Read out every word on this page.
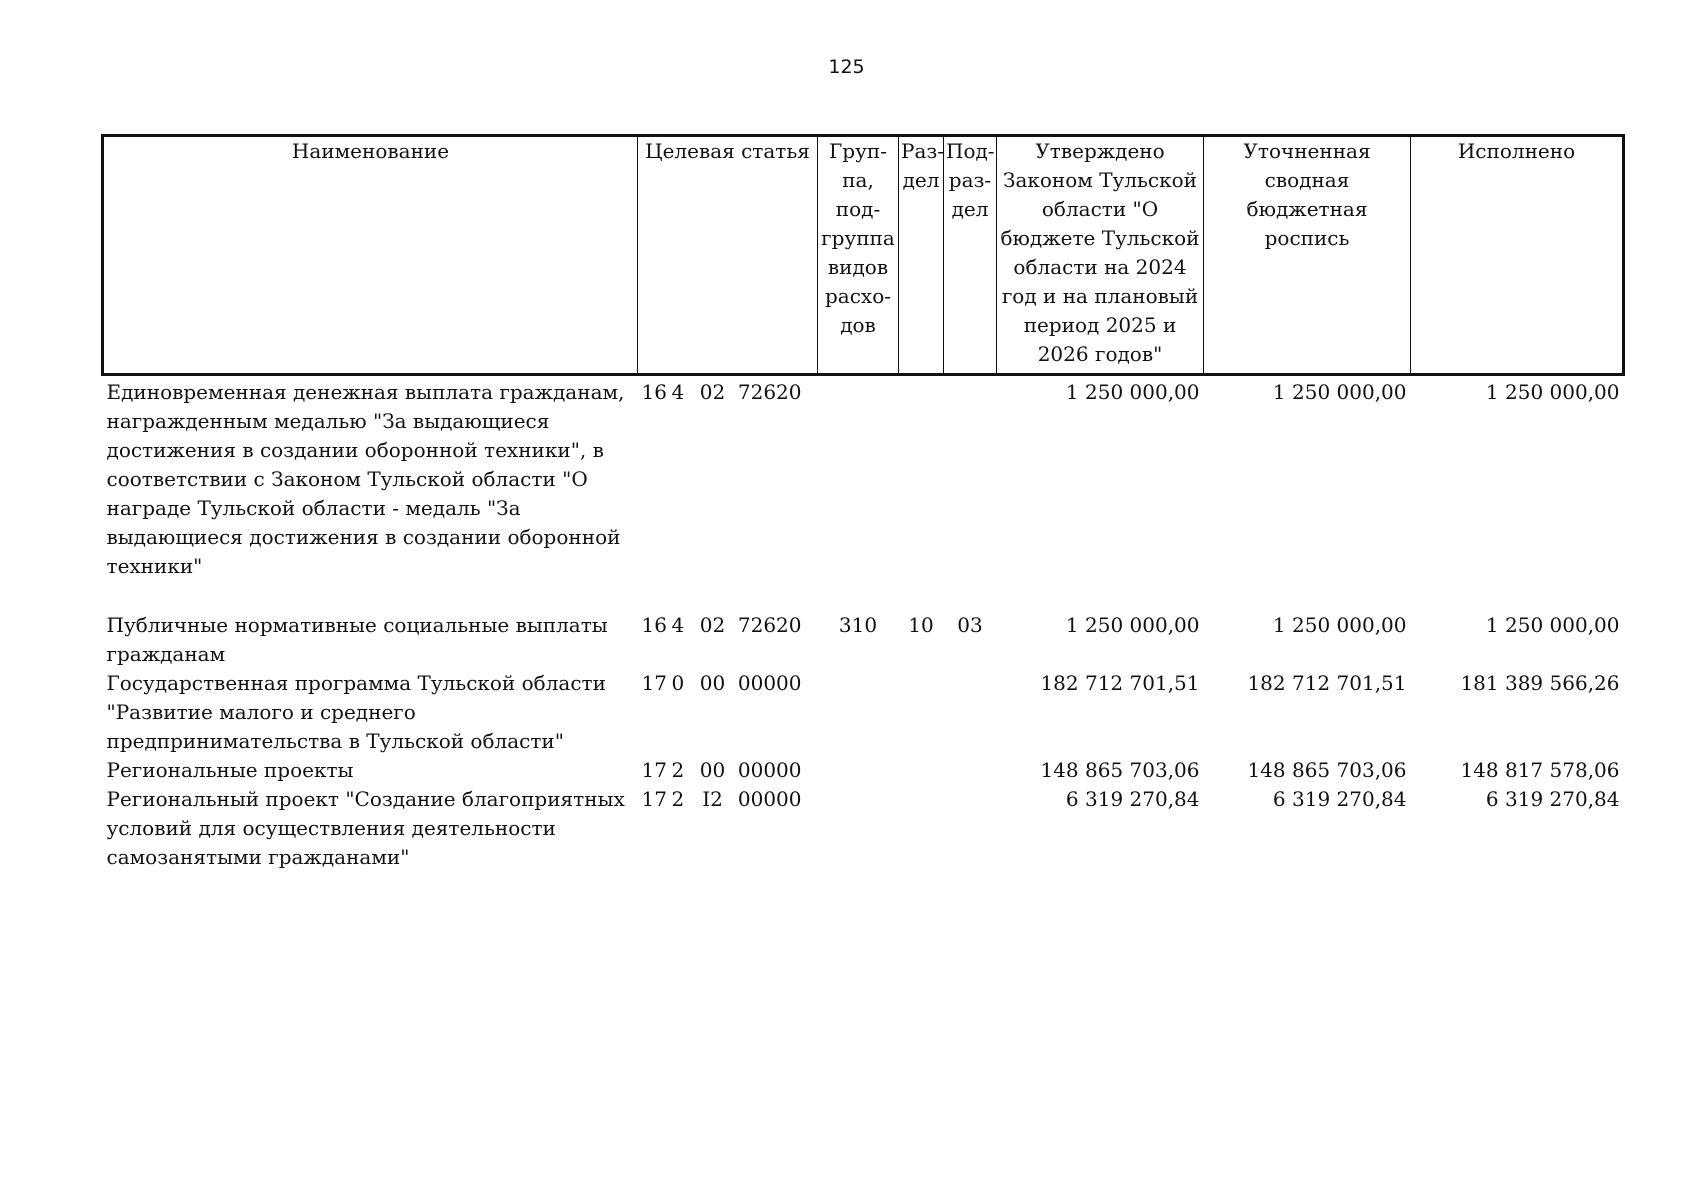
125
Наименование	Целевая статья	Груп-па, под-группа видов расхо-дов	Раз-дел	Под-раз-дел	Утверждено Законом Тульской области "О бюджете Тульской области на 2024 год и на плановый период 2025 и 2026 годов"	Уточненная сводная бюджетная роспись	Исполнено
Единовременная денежная выплата гражданам, награжденным медалью "За выдающиеся достижения в создании оборонной техники", в соответствии с Законом Тульской области "О награде Тульской области - медаль "За выдающиеся достижения в создании оборонной техники"	16 4 02 72620				1 250 000,00	1 250 000,00	1 250 000,00
Публичные нормативные социальные выплаты гражданам	16 4 02 72620	310	10	03	1 250 000,00	1 250 000,00	1 250 000,00
Государственная программа Тульской области "Развитие малого и среднего предпринимательства в Тульской области"	17 0 00 00000				182 712 701,51	182 712 701,51	181 389 566,26
Региональные проекты	17 2 00 00000				148 865 703,06	148 865 703,06	148 817 578,06
Региональный проект "Создание благоприятных условий для осуществления деятельности самозанятыми гражданами"	17 2 I2 00000				6 319 270,84	6 319 270,84	6 319 270,84
